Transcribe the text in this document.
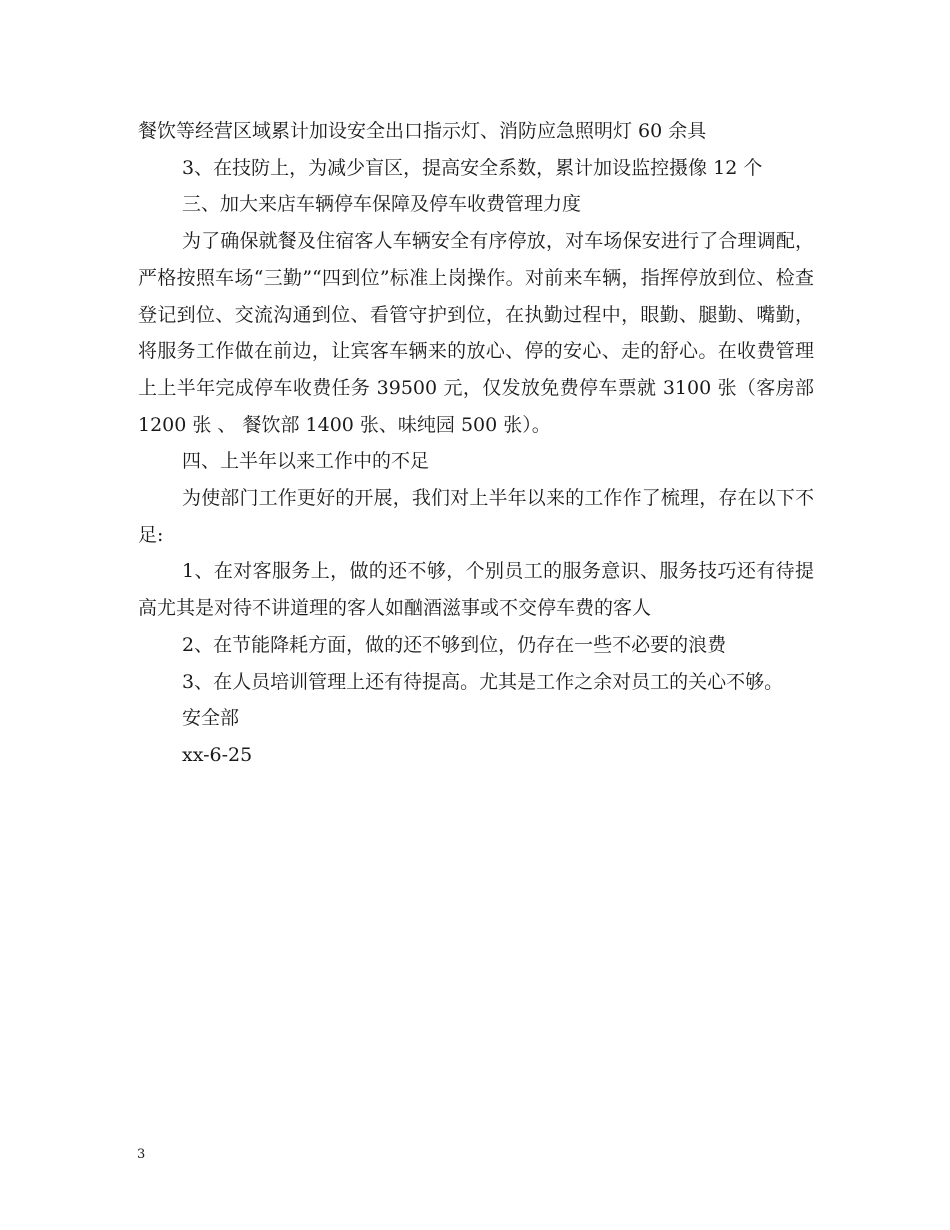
餐饮等经营区域累计加设安全出口指示灯、消防应急照明灯 60 余具

3、在技防上，为减少盲区，提高安全系数，累计加设监控摄像 12 个

三、加大来店车辆停车保障及停车收费管理力度

为了确保就餐及住宿客人车辆安全有序停放，对车场保安进行了合理调配，严格按照车场“三勤”“四到位”标准上岗操作。对前来车辆，指挥停放到位、检查登记到位、交流沟通到位、看管守护到位，在执勤过程中，眼勤、腿勤、嘴勤，将服务工作做在前边，让宾客车辆来的放心、停的安心、走的舒心。在收费管理上上半年完成停车收费任务 39500 元，仅发放免费停车票就 3100 张（客房部 1200 张 、 餐饮部 1400 张、味纯园 500 张）。

四、上半年以来工作中的不足

为使部门工作更好的开展，我们对上半年以来的工作作了梳理，存在以下不足:

1、在对客服务上，做的还不够，个别员工的服务意识、服务技巧还有待提高尤其是对待不讲道理的客人如酗酒滋事或不交停车费的客人

2、在节能降耗方面，做的还不够到位，仍存在一些不必要的浪费

3、在人员培训管理上还有待提高。尤其是工作之余对员工的关心不够。

安全部

xx-6-25

3
